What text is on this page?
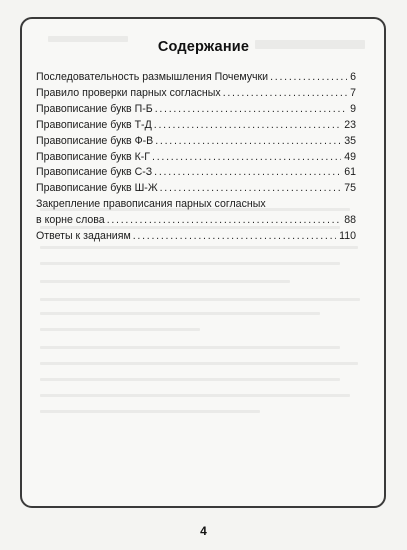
Содержание
Последовательность размышления Почемучки . . .	6
Правило проверки парных согласных . . .	7
Правописание букв П-Б . . .	9
Правописание букв Т-Д . . .	23
Правописание букв Ф-В . . .	35
Правописание букв К-Г . . .	49
Правописание букв С-З . . .	61
Правописание букв Ш-Ж . . .	75
Закрепление правописания парных согласных
в корне слова . . .	88
Ответы к заданиям . . .	110
4
